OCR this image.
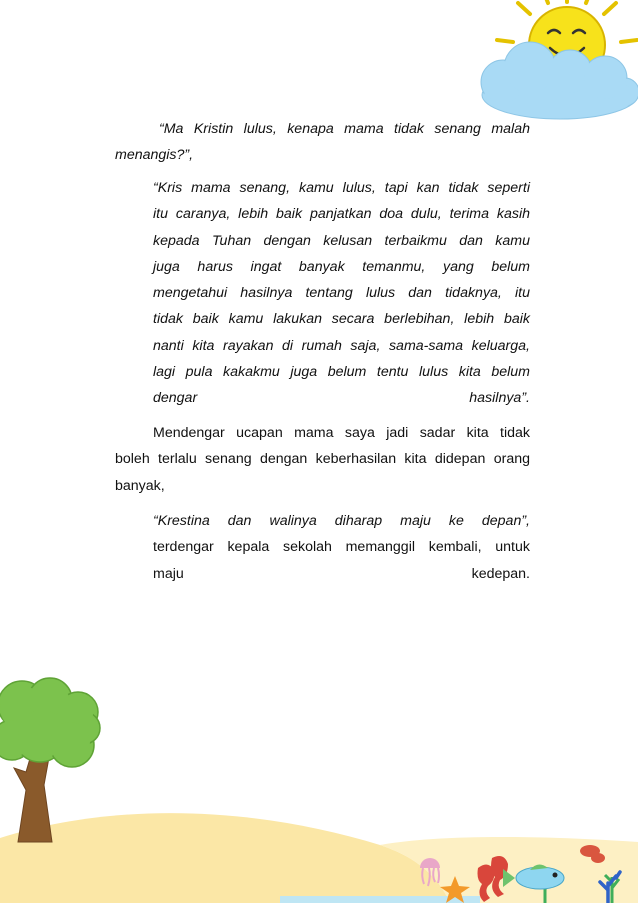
“Ma Kristin lulus, kenapa mama tidak senang malah
menangis?”,
“Kris mama senang, kamu lulus, tapi kan tidak seperti
itu caranya, lebih baik panjatkan doa dulu, terima kasih
kepada Tuhan dengan kelusan terbaikmu dan kamu
juga harus ingat banyak temanmu, yang belum
mengetahui hasilnya tentang lulus dan tidaknya, itu
tidak baik kamu lakukan secara berlebihan, lebih baik
nanti kita rayakan di rumah saja, sama-sama keluarga,
lagi pula kakakmu juga belum tentu lulus kita belum
dengar hasilnya”.
Mendengar ucapan mama saya jadi sadar kita tidak
boleh terlalu senang dengan keberhasilan kita didepan orang
banyak,
“Krestina dan walinya diharap maju ke depan”,
terdengar kepala sekolah memanggil kembali, untuk
maju kedepan.
